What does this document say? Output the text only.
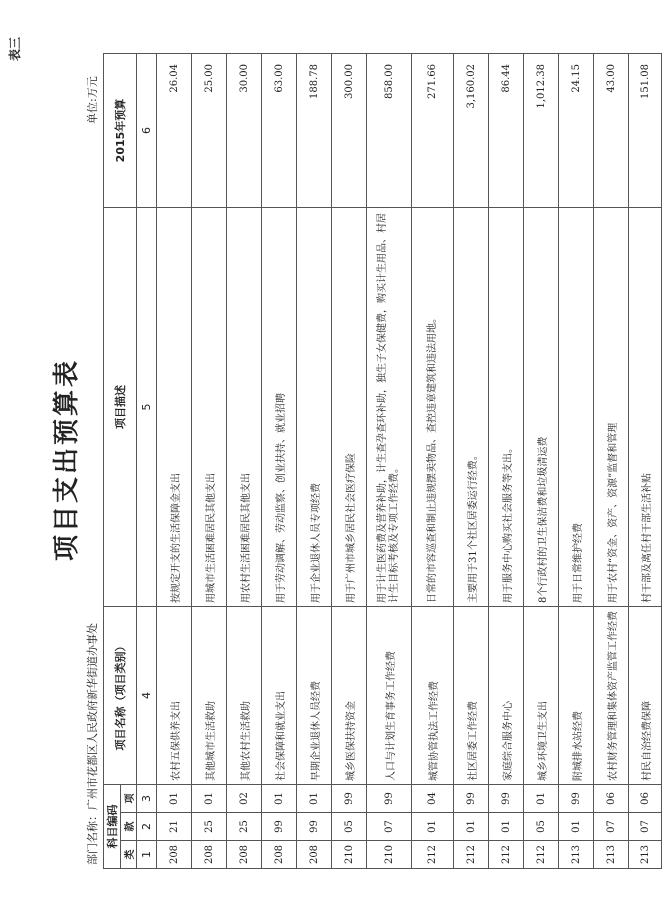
表三
项目支出预算表
部门名称：广州市花都区人民政府新华街道办事处
单位:万元
科目编码			项目名称（项目类别）	项目描述	2015年预算
类	款	项			
1	2	3	4	5	6
208	21	01	农村五保供养支出	按规定开支的生活保障金支出	26.04
208	25	01	其他城市生活救助	用城市生活困难居民其他支出	25.00
208	25	02	其他农村生活救助	用农村生活困难居民其他支出	30.00
208	99	01	社会保障和就业支出	用于劳动调解、劳动监察、创业扶持、就业招聘	63.00
208	99	01	早期企业退休人员经费	用于企业退休人员专项经费	188.78
210	05	99	城乡医保扶持资金	用于广州市城乡居民社会医疗保险	300.00
210	07	99	人口与计划生育事务工作经费	用于计生医药费及营养补助，计生查孕查环补助，独生子女保健费，购买计生用品、村居计生目标考核及专项工作经费。	858.00
212	01	04	城管协管执法工作经费	日常的市容巡查和制止违规摆卖物品、查控违章建筑和违法用地。	271.66
212	01	99	社区居委工作经费	主要用于31个社区居委运行经费。	3,160.02
212	01	99	家庭综合服务中心	用于服务中心购买社会服务等支出。	86.44
212	05	01	城乡环境卫生支出	8个行政村的卫生保洁费和垃圾清运费	1,012.38
213	01	99	附城排水站经费	用于日常维护经费	24.15
213	07	06	农村财务管理和集体资产监管工作经费	用于农村“资金、资产、资源”监督和管理	43.00
213	07	06	村民自治经费保障	村干部及离任村干部生活补贴	151.08
